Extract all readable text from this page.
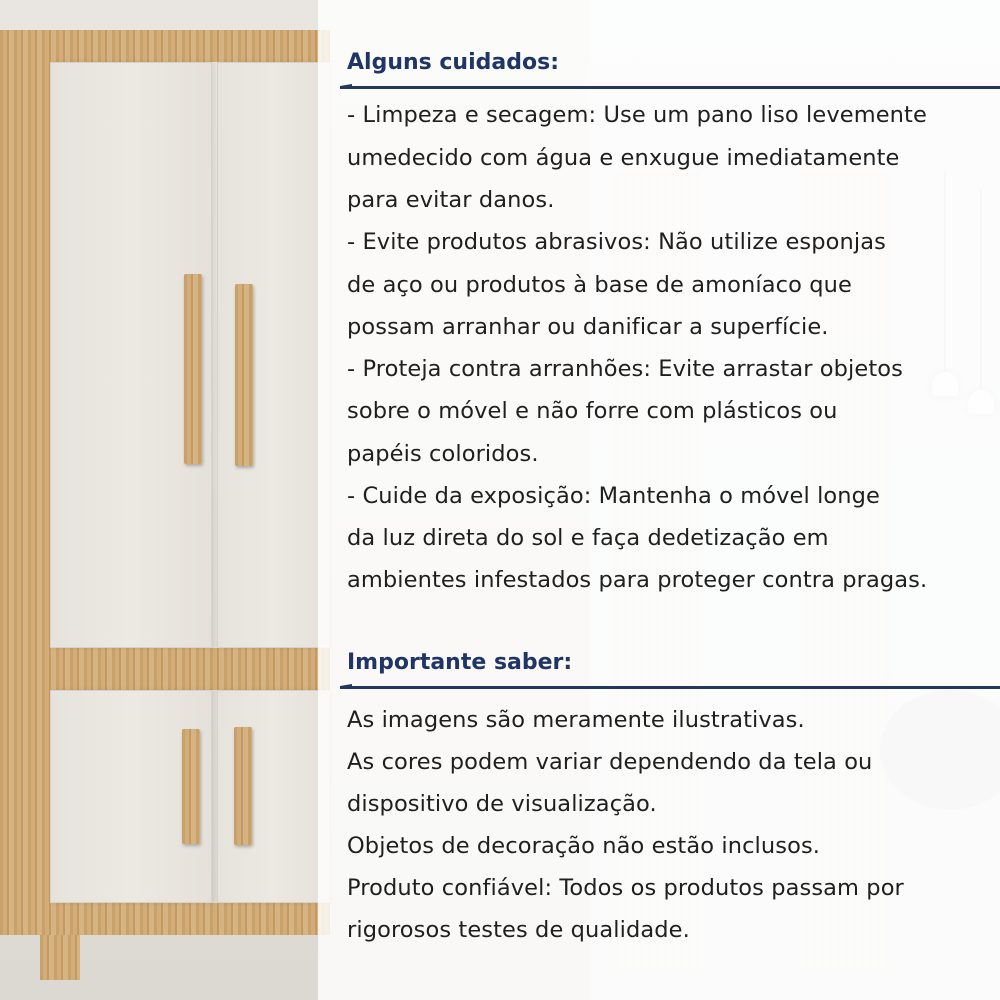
Alguns cuidados:

- Limpeza e secagem: Use um pano liso levemente

umedecido com água e enxugue imediatamente

para evitar danos.

- Evite produtos abrasivos: Não utilize esponjas

de aço ou produtos à base de amoníaco que

possam arranhar ou danificar a superfície.

- Proteja contra arranhões: Evite arrastar objetos

sobre o móvel e não forre com plásticos ou

papéis coloridos.

- Cuide da exposição: Mantenha o móvel longe

da luz direta do sol e faça dedetização em

ambientes infestados para proteger contra pragas.

Importante saber:

As imagens são meramente ilustrativas.

As cores podem variar dependendo da tela ou

dispositivo de visualização.

Objetos de decoração não estão inclusos.

Produto confiável: Todos os produtos passam por

rigorosos testes de qualidade.
